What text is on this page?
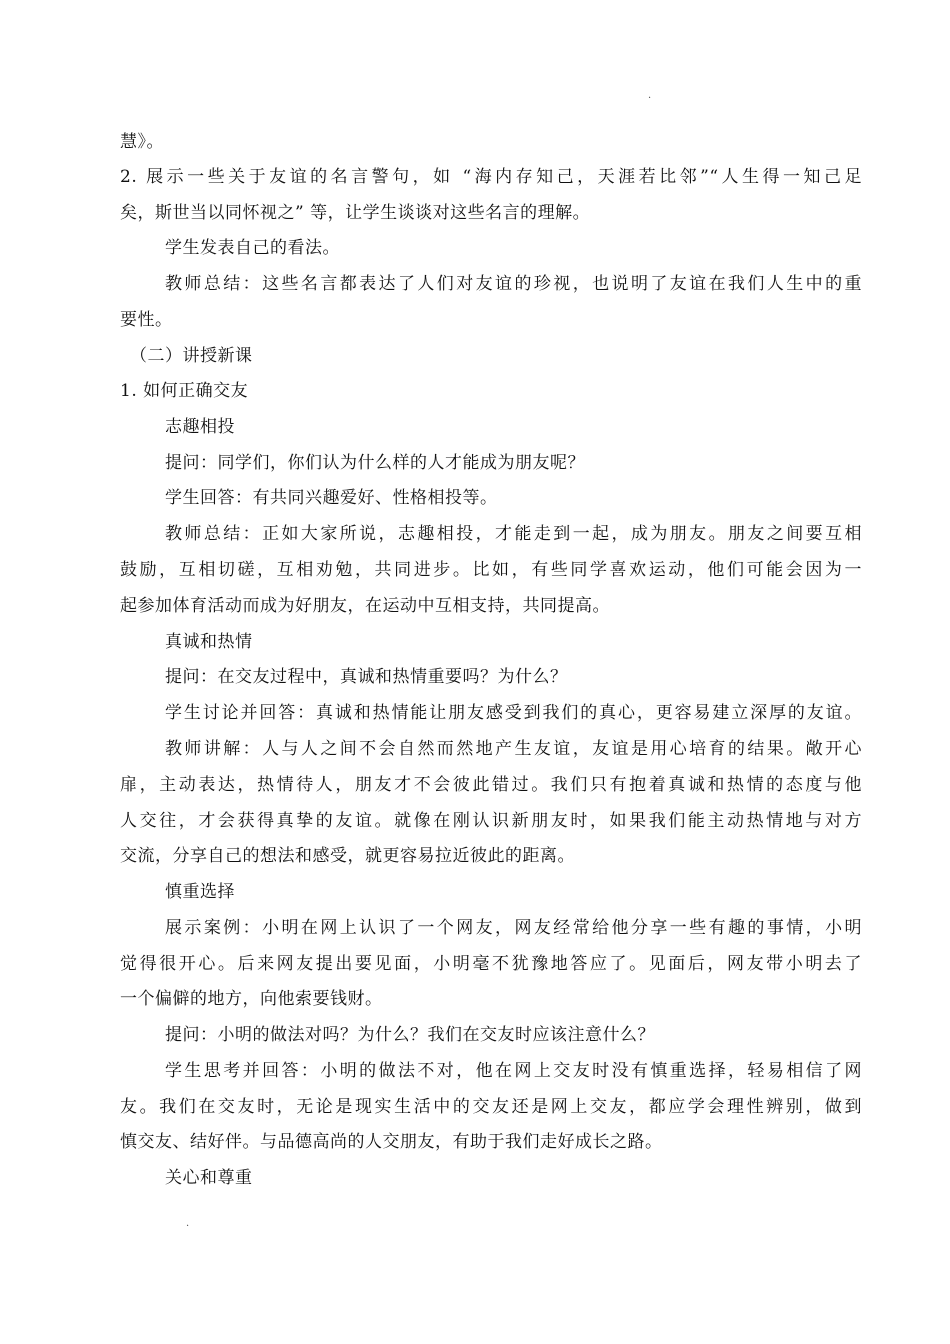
·
慧》。
2. 展示一些关于友谊的名言警句，如 “海内存知己，天涯若比邻”“人生得一知己足
矣，斯世当以同怀视之” 等，让学生谈谈对这些名言的理解。
学生发表自己的看法。
教师总结：这些名言都表达了人们对友谊的珍视，也说明了友谊在我们人生中的重
要性。
（二）讲授新课
1. 如何正确交友
志趣相投
提问：同学们，你们认为什么样的人才能成为朋友呢？
学生回答：有共同兴趣爱好、性格相投等。
教师总结：正如大家所说，志趣相投，才能走到一起，成为朋友。朋友之间要互相
鼓励，互相切磋，互相劝勉，共同进步。比如，有些同学喜欢运动，他们可能会因为一
起参加体育活动而成为好朋友，在运动中互相支持，共同提高。
真诚和热情
提问：在交友过程中，真诚和热情重要吗？为什么？
学生讨论并回答：真诚和热情能让朋友感受到我们的真心，更容易建立深厚的友谊。
教师讲解：人与人之间不会自然而然地产生友谊，友谊是用心培育的结果。敞开心
扉，主动表达，热情待人，朋友才不会彼此错过。我们只有抱着真诚和热情的态度与他
人交往，才会获得真挚的友谊。就像在刚认识新朋友时，如果我们能主动热情地与对方
交流，分享自己的想法和感受，就更容易拉近彼此的距离。
慎重选择
展示案例：小明在网上认识了一个网友，网友经常给他分享一些有趣的事情，小明
觉得很开心。后来网友提出要见面，小明毫不犹豫地答应了。见面后，网友带小明去了
一个偏僻的地方，向他索要钱财。
提问：小明的做法对吗？为什么？我们在交友时应该注意什么？
学生思考并回答：小明的做法不对，他在网上交友时没有慎重选择，轻易相信了网
友。我们在交友时，无论是现实生活中的交友还是网上交友，都应学会理性辨别，做到
慎交友、结好伴。与品德高尚的人交朋友，有助于我们走好成长之路。
关心和尊重
·
